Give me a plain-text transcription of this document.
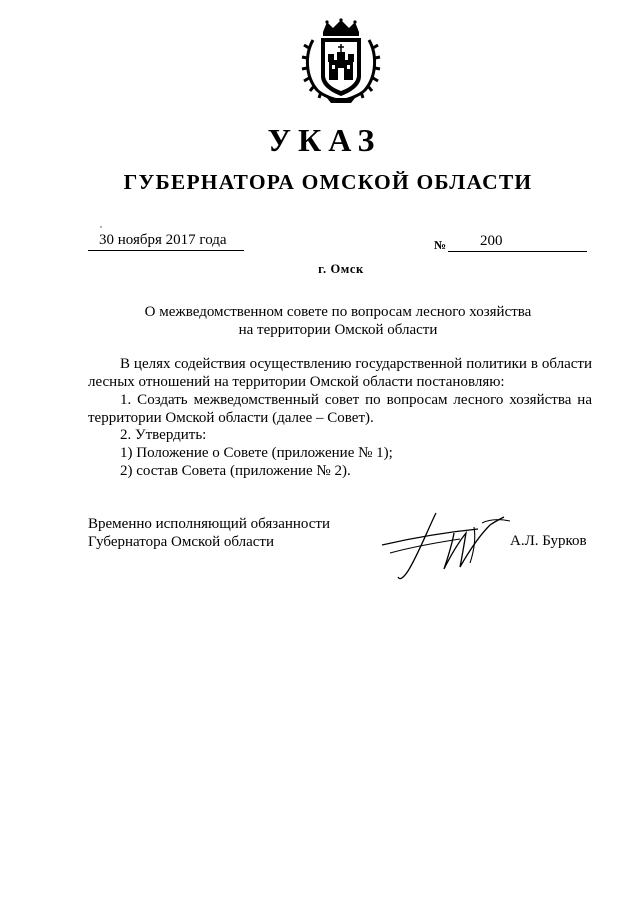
УКАЗ
ГУБЕРНАТОРА ОМСКОЙ ОБЛАСТИ
30 ноября 2017 года	№ 200
г. Омск
О межведомственном совете по вопросам лесного хозяйства
на территории Омской области
В целях содействия осуществлению государственной политики в области лесных отношений на территории Омской области постановляю:
1. Создать межведомственный совет по вопросам лесного хозяйства на территории Омской области (далее – Совет).
2. Утвердить:
1) Положение о Совете (приложение № 1);
2) состав Совета (приложение № 2).
Временно исполняющий обязанности
Губернатора Омской области	А.Л. Бурков
